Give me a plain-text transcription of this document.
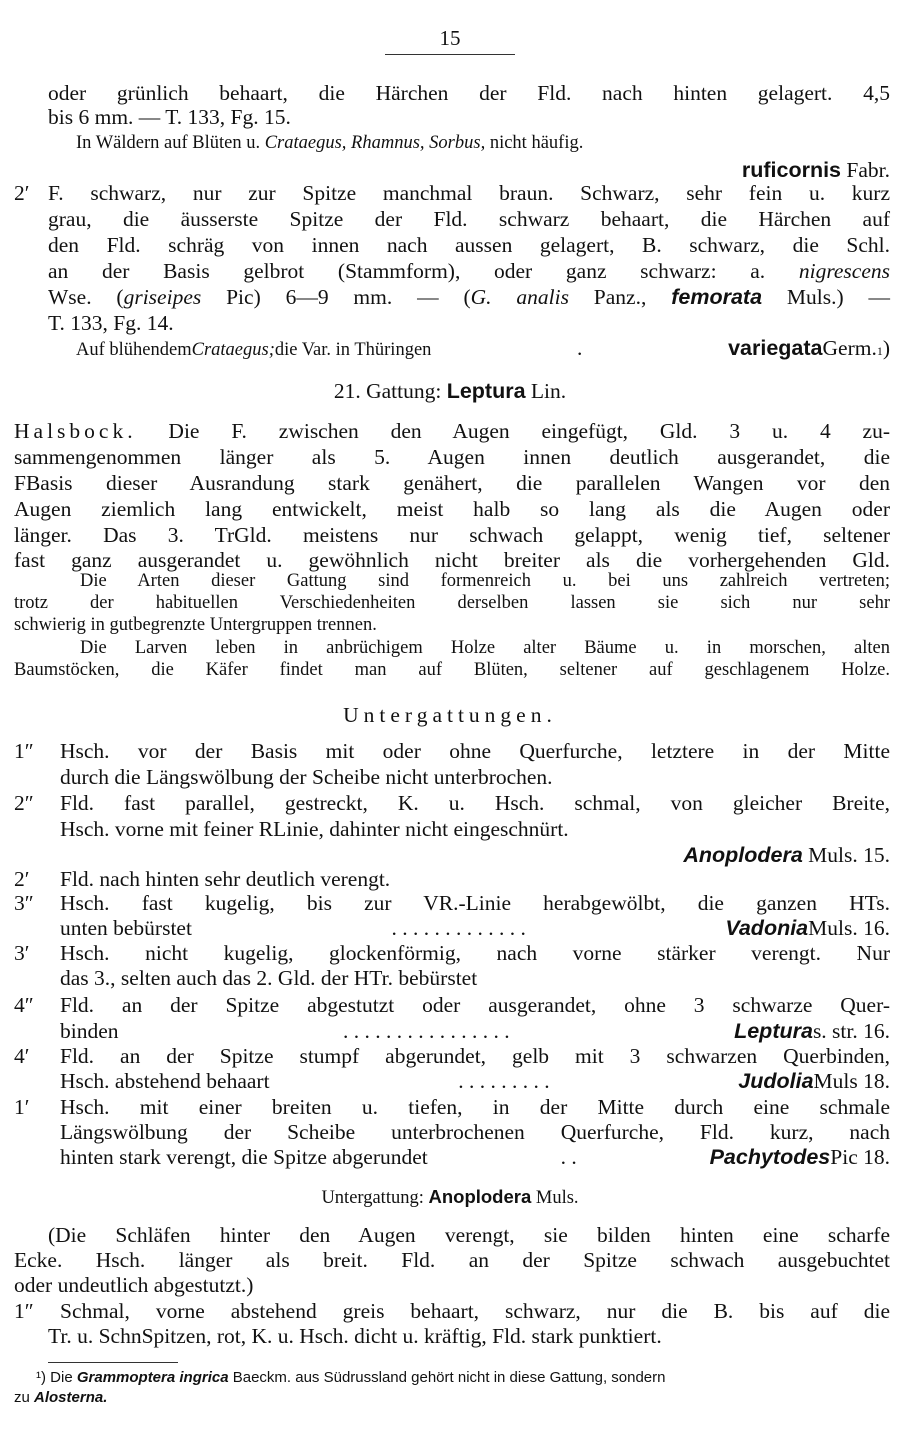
15
oder grünlich behaart, die Härchen der Fld. nach hinten gelagert. 4,5
bis 6 mm. — T. 133, Fg. 15.
In Wäldern auf Blüten u. Crataegus, Rhamnus, Sorbus, nicht häufig.
ruficornis Fabr.
2′ F. schwarz, nur zur Spitze manchmal braun. Schwarz, sehr fein u. kurz
grau, die äusserste Spitze der Fld. schwarz behaart, die Härchen auf
den Fld. schräg von innen nach aussen gelagert, B. schwarz, die Schl.
an der Basis gelbrot (Stammform), oder ganz schwarz: a. nigrescens
Wse. (griseipes Pic) 6—9 mm. — (G. analis Panz., femorata Muls.) —
T. 133, Fg. 14.
Auf blühendem Crataegus; die Var. in Thüringen	.	variegata Germ. 1 )
21. Gattung: Leptura Lin.
Halsbock. Die F. zwischen den Augen eingefügt, Gld. 3 u. 4 zu-
sammengenommen länger als 5. Augen innen deutlich ausgerandet, die
FBasis dieser Ausrandung stark genähert, die parallelen Wangen vor den
Augen ziemlich lang entwickelt, meist halb so lang als die Augen oder
länger. Das 3. TrGld. meistens nur schwach gelappt, wenig tief, seltener
fast ganz ausgerandet u. gewöhnlich nicht breiter als die vorhergehenden Gld.
Die Arten dieser Gattung sind formenreich u. bei uns zahlreich vertreten;
trotz der habituellen Verschiedenheiten derselben lassen sie sich nur sehr
schwierig in gutbegrenzte Untergruppen trennen.
Die Larven leben in anbrüchigem Holze alter Bäume u. in morschen, alten
Baumstöcken, die Käfer findet man auf Blüten, seltener auf geschlagenem Holze.
Untergattungen.
1″ Hsch. vor der Basis mit oder ohne Querfurche, letztere in der Mitte
durch die Längswölbung der Scheibe nicht unterbrochen.
2″ Fld. fast parallel, gestreckt, K. u. Hsch. schmal, von gleicher Breite,
Hsch. vorne mit feiner RLinie, dahinter nicht eingeschnürt.
Anoplodera Muls. 15.
2′ Fld. nach hinten sehr deutlich verengt.
3″ Hsch. fast kugelig, bis zur VR.-Linie herabgewölbt, die ganzen HTs.
unten bebürstet	. . . . . . . . . . . . .	Vadonia Muls. 16.
3′ Hsch. nicht kugelig, glockenförmig, nach vorne stärker verengt. Nur
das 3., selten auch das 2. Gld. der HTr. bebürstet
4″ Fld. an der Spitze abgestutzt oder ausgerandet, ohne 3 schwarze Quer-
binden	. . . . . . . . . . . . . . . .	Leptura s. str. 16.
4′ Fld. an der Spitze stumpf abgerundet, gelb mit 3 schwarzen Querbinden,
Hsch. abstehend behaart	. . . . . . . . .	Judolia Muls 18.
1′ Hsch. mit einer breiten u. tiefen, in der Mitte durch eine schmale
Längswölbung der Scheibe unterbrochenen Querfurche, Fld. kurz, nach
hinten stark verengt, die Spitze abgerundet	. .	Pachytodes Pic 18.
Untergattung: Anoplodera Muls.
(Die Schläfen hinter den Augen verengt, sie bilden hinten eine scharfe
Ecke. Hsch. länger als breit. Fld. an der Spitze schwach ausgebuchtet
oder undeutlich abgestutzt.)
1″ Schmal, vorne abstehend greis behaart, schwarz, nur die B. bis auf die
Tr. u. SchnSpitzen, rot, K. u. Hsch. dicht u. kräftig, Fld. stark punktiert.
¹) Die Grammoptera ingrica Baeckm. aus Südrussland gehört nicht in diese Gattung, sondern
zu Alosterna.
